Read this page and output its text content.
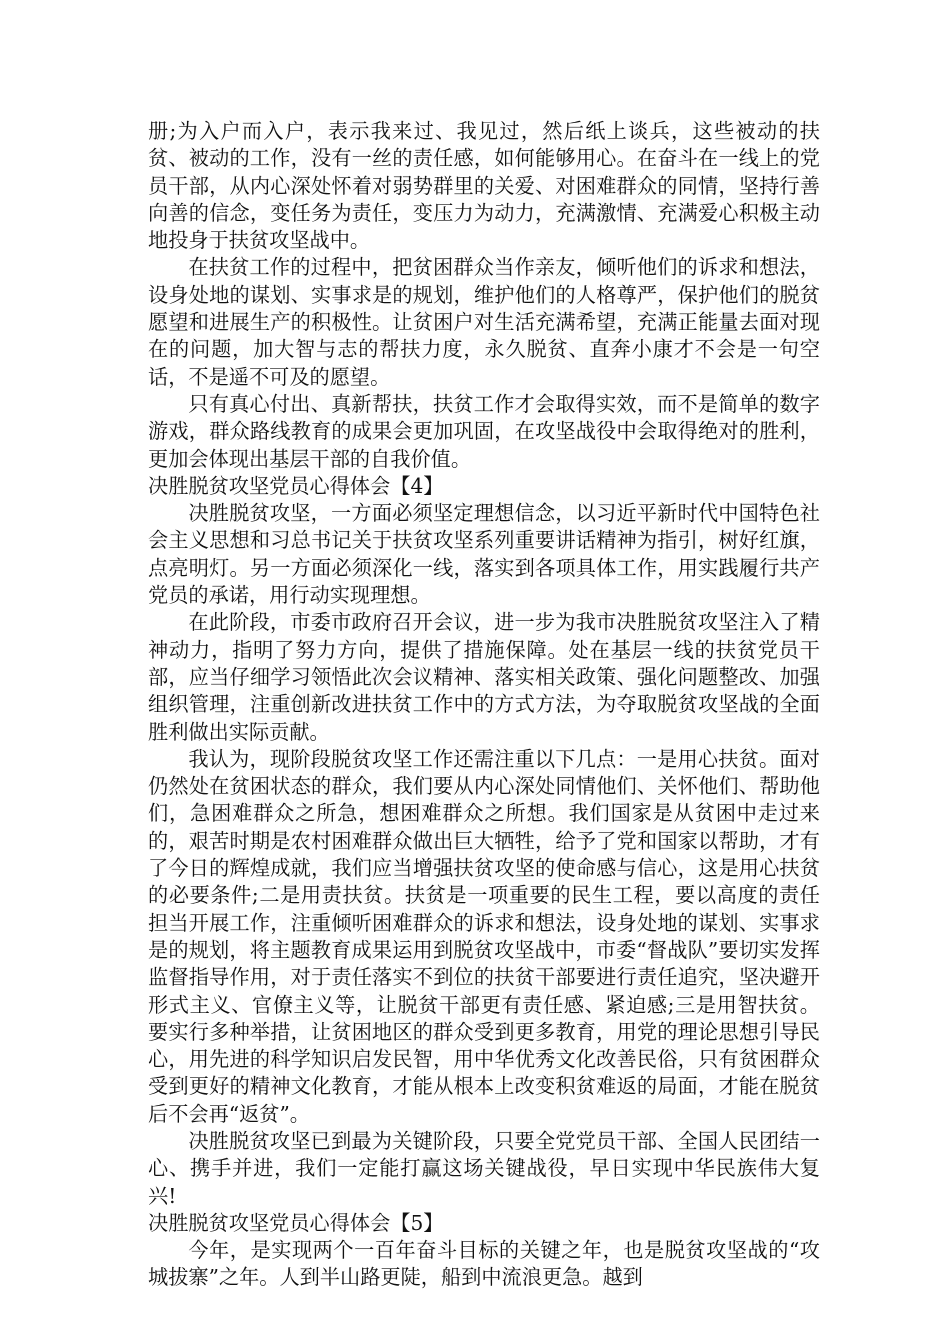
册;为入户而入户，表示我来过、我见过，然后纸上谈兵，这些被动的扶贫、被动的工作，没有一丝的责任感，如何能够用心。在奋斗在一线上的党员干部，从内心深处怀着对弱势群里的关爱、对困难群众的同情，坚持行善向善的信念，变任务为责任，变压力为动力，充满激情、充满爱心积极主动地投身于扶贫攻坚战中。

在扶贫工作的过程中，把贫困群众当作亲友，倾听他们的诉求和想法，设身处地的谋划、实事求是的规划，维护他们的人格尊严，保护他们的脱贫愿望和进展生产的积极性。让贫困户对生活充满希望，充满正能量去面对现在的问题，加大智与志的帮扶力度，永久脱贫、直奔小康才不会是一句空话，不是遥不可及的愿望。

只有真心付出、真新帮扶，扶贫工作才会取得实效，而不是简单的数字游戏，群众路线教育的成果会更加巩固，在攻坚战役中会取得绝对的胜利，更加会体现出基层干部的自我价值。

决胜脱贫攻坚党员心得体会【4】

决胜脱贫攻坚，一方面必须坚定理想信念，以习近平新时代中国特色社会主义思想和习总书记关于扶贫攻坚系列重要讲话精神为指引，树好红旗，点亮明灯。另一方面必须深化一线，落实到各项具体工作，用实践履行共产党员的承诺，用行动实现理想。

在此阶段，市委市政府召开会议，进一步为我市决胜脱贫攻坚注入了精神动力，指明了努力方向，提供了措施保障。处在基层一线的扶贫党员干部，应当仔细学习领悟此次会议精神、落实相关政策、强化问题整改、加强组织管理，注重创新改进扶贫工作中的方式方法，为夺取脱贫攻坚战的全面胜利做出实际贡献。

我认为，现阶段脱贫攻坚工作还需注重以下几点：一是用心扶贫。面对仍然处在贫困状态的群众，我们要从内心深处同情他们、关怀他们、帮助他们，急困难群众之所急，想困难群众之所想。我们国家是从贫困中走过来的，艰苦时期是农村困难群众做出巨大牺牲，给予了党和国家以帮助，才有了今日的辉煌成就，我们应当增强扶贫攻坚的使命感与信心，这是用心扶贫的必要条件;二是用责扶贫。扶贫是一项重要的民生工程，要以高度的责任担当开展工作，注重倾听困难群众的诉求和想法，设身处地的谋划、实事求是的规划，将主题教育成果运用到脱贫攻坚战中，市委“督战队”要切实发挥监督指导作用，对于责任落实不到位的扶贫干部要进行责任追究，坚决避开形式主义、官僚主义等，让脱贫干部更有责任感、紧迫感;三是用智扶贫。要实行多种举措，让贫困地区的群众受到更多教育，用党的理论思想引导民心，用先进的科学知识启发民智，用中华优秀文化改善民俗，只有贫困群众受到更好的精神文化教育，才能从根本上改变积贫难返的局面，才能在脱贫后不会再“返贫”。

决胜脱贫攻坚已到最为关键阶段，只要全党党员干部、全国人民团结一心、携手并进，我们一定能打赢这场关键战役，早日实现中华民族伟大复兴!

决胜脱贫攻坚党员心得体会【5】

今年，是实现两个一百年奋斗目标的关键之年，也是脱贫攻坚战的“攻城拔寨”之年。人到半山路更陡，船到中流浪更急。越到
